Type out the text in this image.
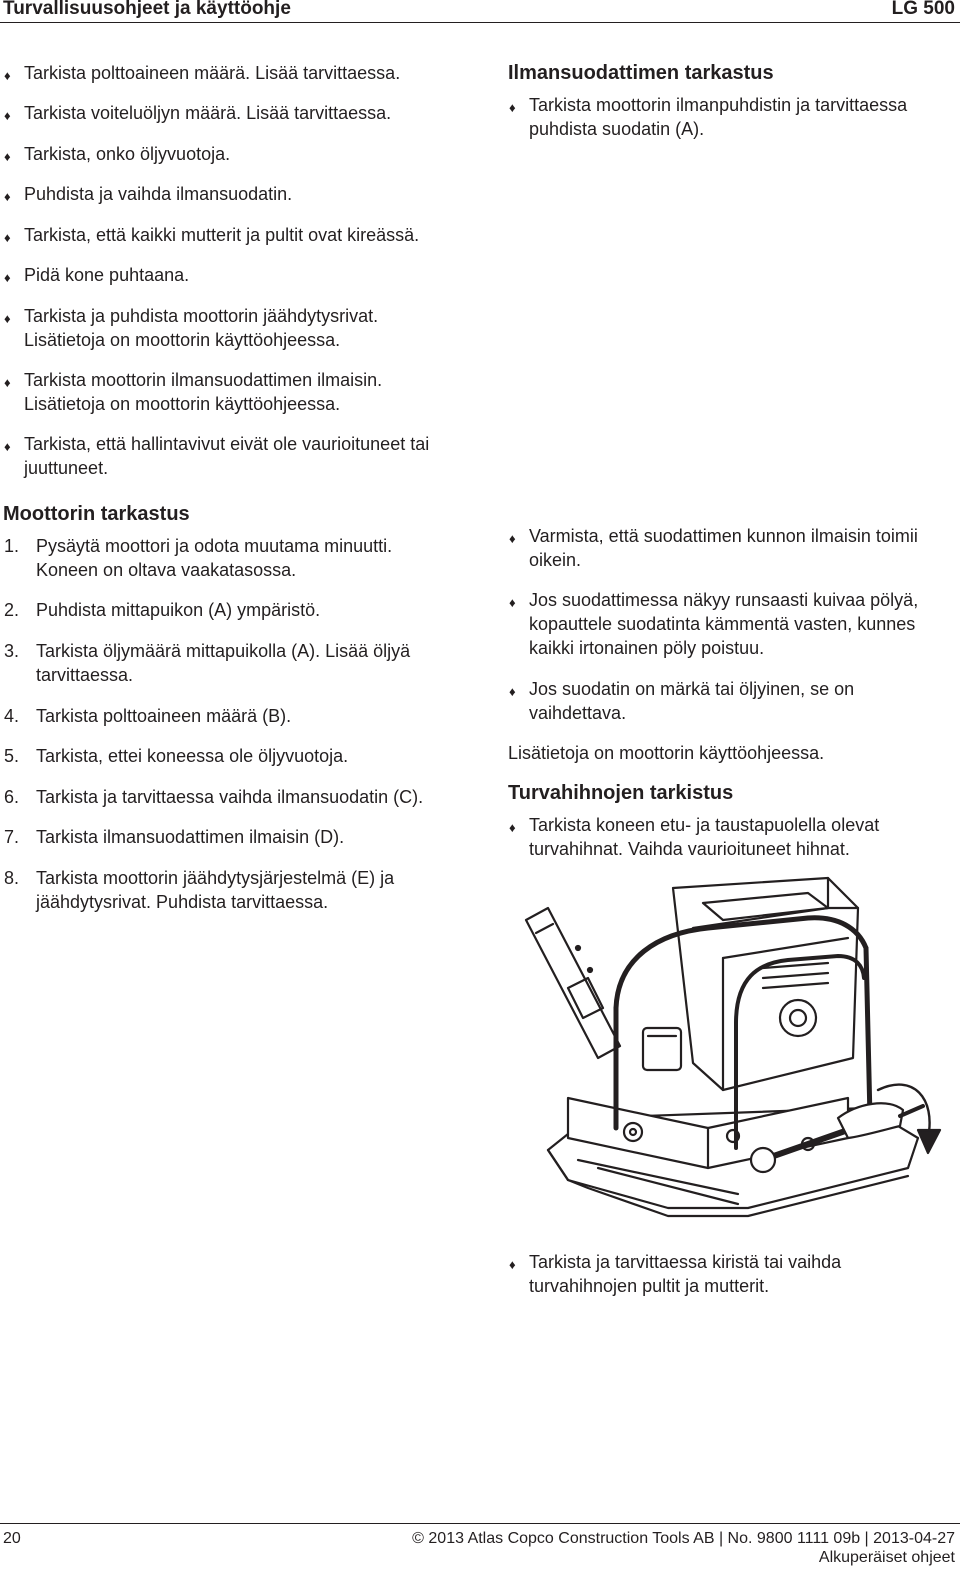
Turvallisuusohjeet ja käyttöohje	LG 500
♦ Tarkista polttoaineen määrä. Lisää tarvittaessa.
♦ Tarkista voiteluöljyn määrä. Lisää tarvittaessa.
♦ Tarkista, onko öljyvuotoja.
♦ Puhdista ja vaihda ilmansuodatin.
♦ Tarkista, että kaikki mutterit ja pultit ovat kireässä.
♦ Pidä kone puhtaana.
♦ Tarkista ja puhdista moottorin jäähdytysrivat. Lisätietoja on moottorin käyttöohjeessa.
♦ Tarkista moottorin ilmansuodattimen ilmaisin. Lisätietoja on moottorin käyttöohjeessa.
♦ Tarkista, että hallintavivut eivät ole vaurioituneet tai juuttuneet.
Moottorin tarkastus
1. Pysäytä moottori ja odota muutama minuutti. Koneen on oltava vaakatasossa.
2. Puhdista mittapuikon (A) ympäristö.
3. Tarkista öljymäärä mittapuikolla (A). Lisää öljyä tarvittaessa.
4. Tarkista polttoaineen määrä (B).
5. Tarkista, ettei koneessa ole öljyvuotoja.
6. Tarkista ja tarvittaessa vaihda ilmansuodatin (C).
7. Tarkista ilmansuodattimen ilmaisin (D).
8. Tarkista moottorin jäähdytysjärjestelmä (E) ja jäähdytysrivat. Puhdista tarvittaessa.
Ilmansuodattimen tarkastus
♦ Tarkista moottorin ilmanpuhdistin ja tarvittaessa puhdista suodatin (A).
♦ Varmista, että suodattimen kunnon ilmaisin toimii oikein.
♦ Jos suodattimessa näkyy runsaasti kuivaa pölyä, kopauttele suodatinta kämmentä vasten, kunnes kaikki irtonainen pöly poistuu.
♦ Jos suodatin on märkä tai öljyinen, se on vaihdettava.
Lisätietoja on moottorin käyttöohjeessa.
Turvahihnojen tarkistus
♦ Tarkista koneen etu- ja taustapuolella olevat turvahihnat. Vaihda vaurioituneet hihnat.
♦ Tarkista ja tarvittaessa kiristä tai vaihda turvahihnojen pultit ja mutterit.
20	© 2013 Atlas Copco Construction Tools AB | No. 9800 1111 09b | 2013-04-27
Alkuperäiset ohjeet
